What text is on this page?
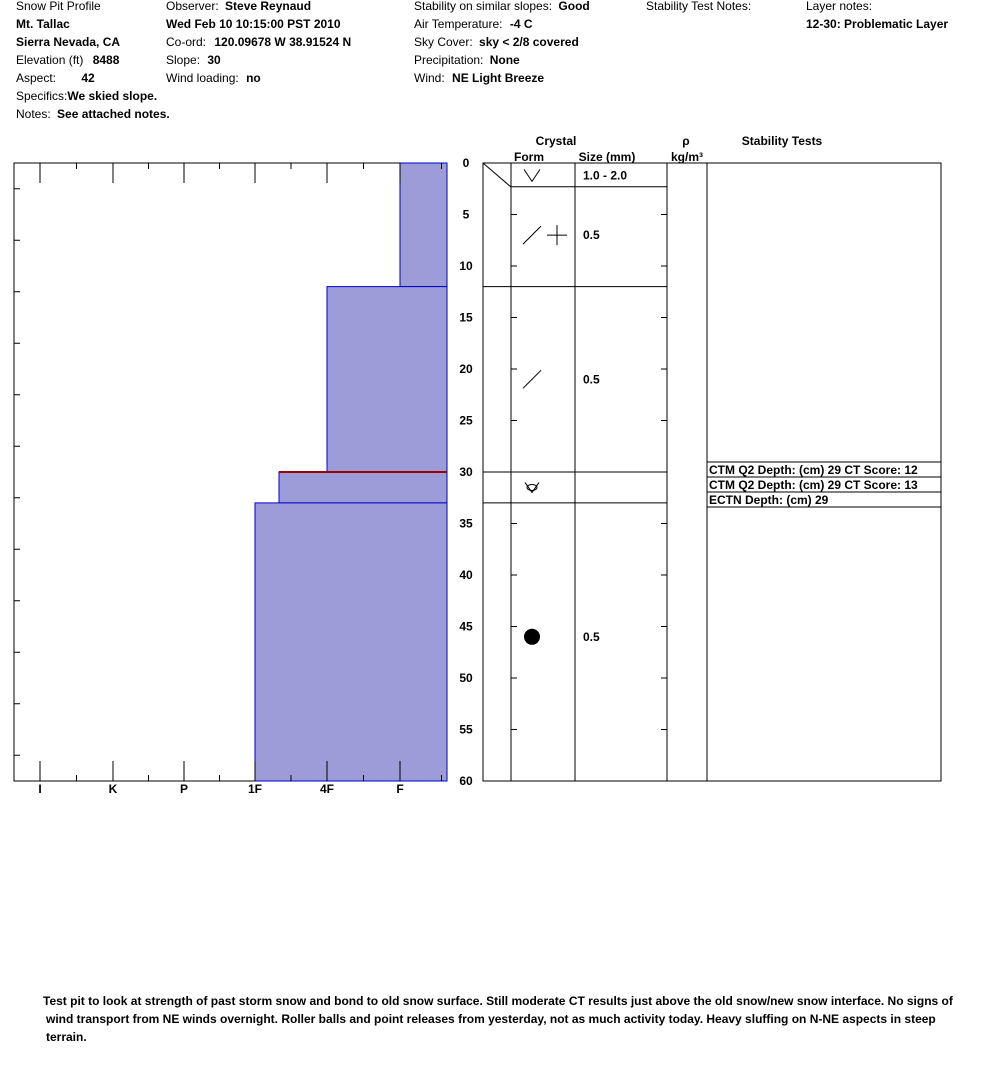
Snow Pit Profile
Mt. Tallac
Sierra Nevada, CA
Elevation (ft) 8488
Aspect: 42
Specifics:We skied slope.
Notes: See attached notes.
Observer: Steve Reynaud
Wed Feb 10 10:15:00 PST 2010
Co-ord: 120.09678 W 38.91524 N
Slope: 30
Wind loading: no
Stability on similar slopes: Good
Air Temperature: -4 C
Sky Cover: sky < 2/8 covered
Precipitation: None
Wind: NE Light Breeze
Stability Test Notes:	Layer notes:
12-30: Problematic Layer
Crystal
Form	Size (mm)
ρ
kg/m³
Stability Tests
I	K	P	1F	4F	F
0
5
10
15
20
25
30
35
40
45
50
55
60
1.0 - 2.0
0.5
0.5
0.5
CTM Q2 Depth: (cm) 29 CT Score: 12
CTM Q2 Depth: (cm) 29 CT Score: 13
ECTN Depth: (cm) 29
Test pit to look at strength of past storm snow and bond to old snow surface. Still moderate CT results just above the old snow/new snow interface. No signs of
wind transport from NE winds overnight. Roller balls and point releases from yesterday, not as much activity today. Heavy sluffing on N-NE aspects in steep
terrain.
